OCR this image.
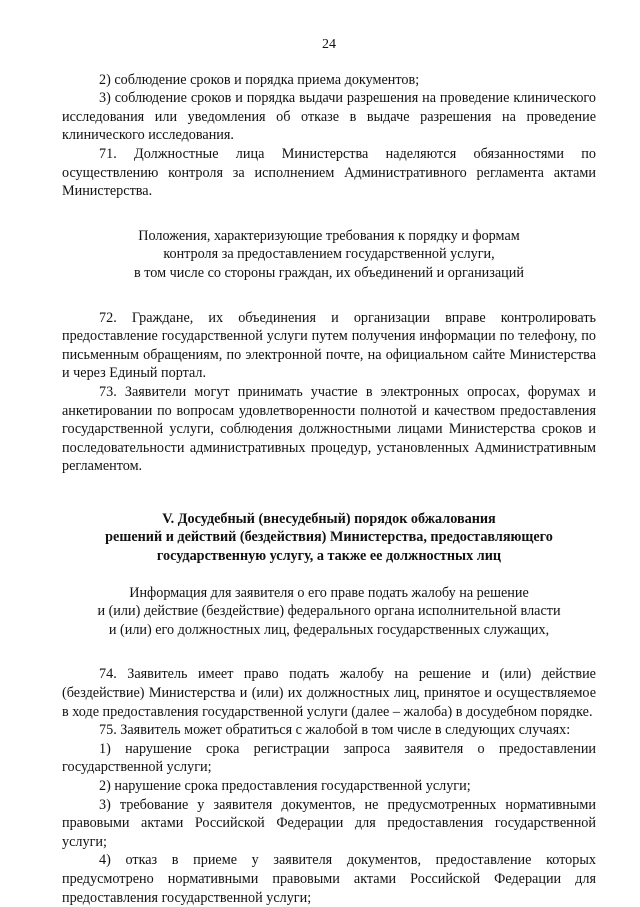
24

2) соблюдение сроков и порядка приема документов;

3) соблюдение сроков и порядка выдачи разрешения на проведение клинического исследования или уведомления об отказе в выдаче разрешения на проведение клинического исследования.

71. Должностные лица Министерства наделяются обязанностями по осуществлению контроля за исполнением Административного регламента актами Министерства.

Положения, характеризующие требования к порядку и формам
контроля за предоставлением государственной услуги,
в том числе со стороны граждан, их объединений и организаций

72. Граждане, их объединения и организации вправе контролировать предоставление государственной услуги путем получения информации по телефону, по письменным обращениям, по электронной почте, на официальном сайте Министерства и через Единый портал.

73. Заявители могут принимать участие в электронных опросах, форумах и анкетировании по вопросам удовлетворенности полнотой и качеством предоставления государственной услуги, соблюдения должностными лицами Министерства сроков и последовательности административных процедур, установленных Административным регламентом.

V. Досудебный (внесудебный) порядок обжалования
решений и действий (бездействия) Министерства, предоставляющего
государственную услугу, а также ее должностных лиц
Информация для заявителя о его праве подать жалобу на решение
и (или) действие (бездействие) федерального органа исполнительной власти
и (или) его должностных лиц, федеральных государственных служащих,

74. Заявитель имеет право подать жалобу на решение и (или) действие (бездействие) Министерства и (или) их должностных лиц, принятое и осуществляемое в ходе предоставления государственной услуги (далее – жалоба) в досудебном порядке.

75. Заявитель может обратиться с жалобой в том числе в следующих случаях:

1) нарушение срока регистрации запроса заявителя о предоставлении государственной услуги;

2) нарушение срока предоставления государственной услуги;

3) требование у заявителя документов, не предусмотренных нормативными правовыми актами Российской Федерации для предоставления государственной услуги;

4) отказ в приеме у заявителя документов, предоставление которых предусмотрено нормативными правовыми актами Российской Федерации для предоставления государственной услуги;
